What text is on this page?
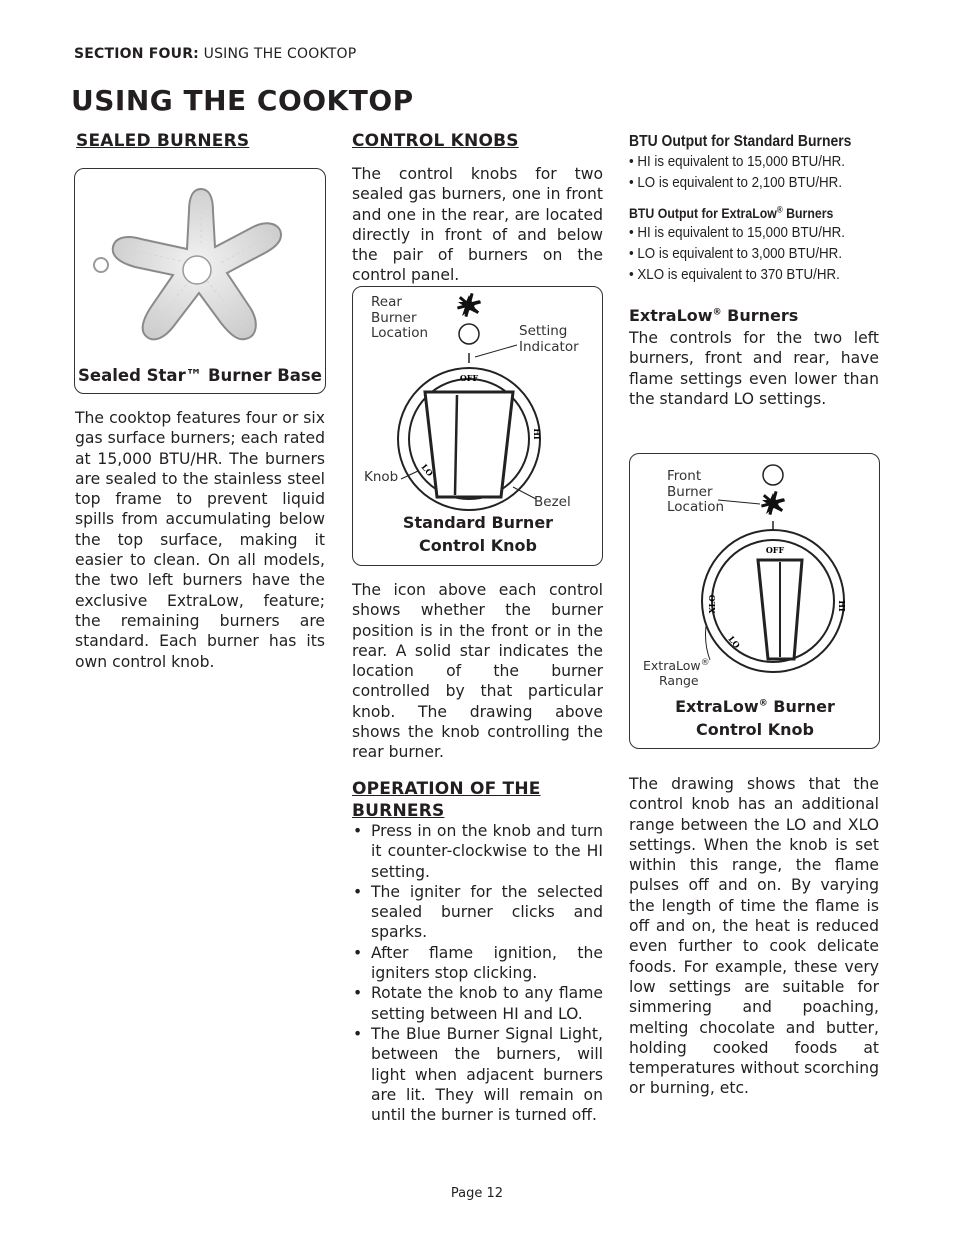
SECTION FOUR: USING THE COOKTOP
USING THE COOKTOP
SEALED BURNERS
Sealed Star™ Burner Base
The cooktop features four or six gas surface burners; each rated at 15,000 BTU/HR. The burners are sealed to the stainless steel top frame to prevent liquid spills from accumulating below the top surface, making it easier to clean. On all models, the two left burners have the exclusive ExtraLow, feature; the remaining burners are standard. Each burner has its own control knob.
CONTROL KNOBS
The control knobs for two sealed gas burners, one in front and one in the rear, are located directly in front of and below the pair of burners on the control panel.
Rear
Burner
Location	Setting
Indicator
OFF
HI
LO
Knob
Bezel
Standard Burner
Control Knob
The icon above each control shows whether the burner position is in the front or in the rear. A solid star indicates the location of the burner controlled by that particular knob. The drawing above shows the knob controlling the rear burner.
OPERATION OF THE
BURNERS
• Press in on the knob and turn it counter-clockwise to the HI setting.
• The igniter for the selected sealed burner clicks and sparks.
• After flame ignition, the igniters stop clicking.
• Rotate the knob to any flame setting between HI and LO.
• The Blue Burner Signal Light, between the burners, will light when adjacent burners are lit. They will remain on until the burner is turned off.
BTU Output for Standard Burners
• HI is equivalent to 15,000 BTU/HR.
• LO is equivalent to 2,100 BTU/HR.
BTU Output for ExtraLow® Burners
• HI is equivalent to 15,000 BTU/HR.
• LO is equivalent to 3,000 BTU/HR.
• XLO is equivalent to 370 BTU/HR.
ExtraLow® Burners
The controls for the two left burners, front and rear, have flame settings even lower than the standard LO settings.
Front
Burner
Location
OFF
HI
XLO
LO
ExtraLow®
Range
ExtraLow® Burner
Control Knob
The drawing shows that the control knob has an additional range between the LO and XLO settings. When the knob is set within this range, the flame pulses off and on. By varying the length of time the flame is off and on, the heat is reduced even further to cook delicate foods. For example, these very low settings are suitable for simmering and poaching, melting chocolate and butter, holding cooked foods at temperatures without scorching or burning, etc.
Page 12
